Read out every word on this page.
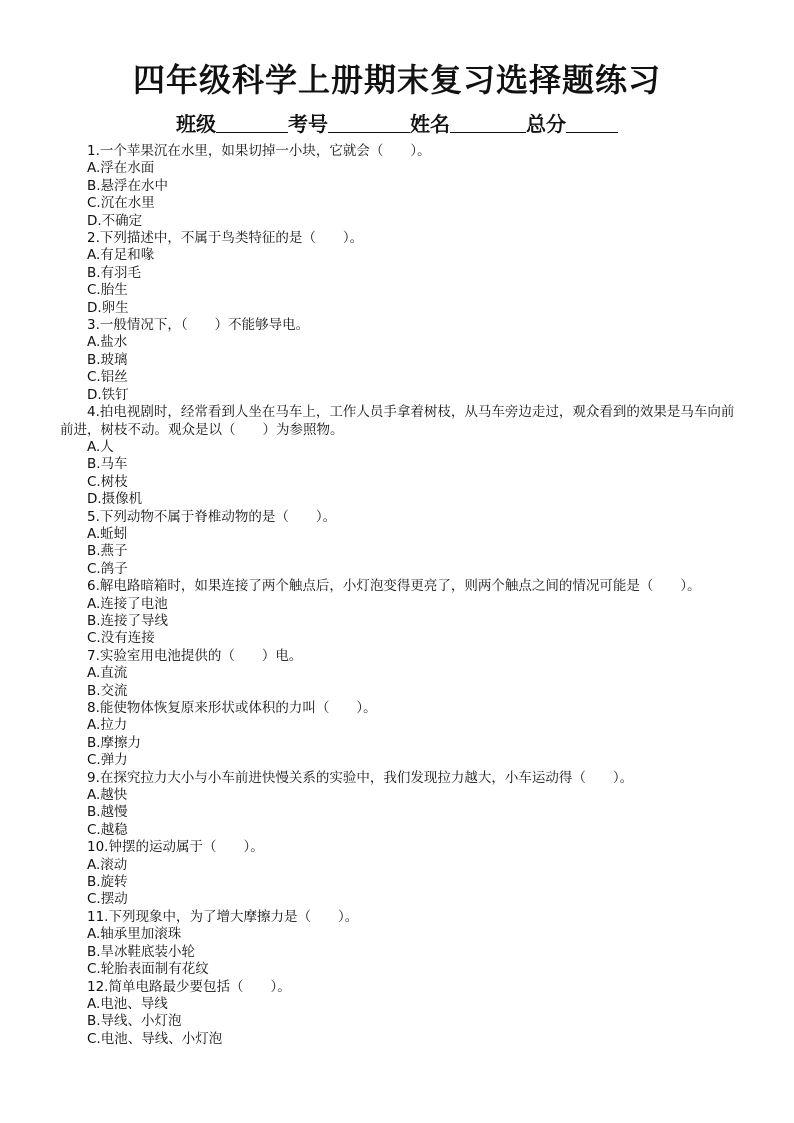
四年级科学上册期末复习选择题练习
班级	考号	姓名	总分

1.一个苹果沉在水里，如果切掉一小块，它就会（　　）。

A.浮在水面

B.悬浮在水中

C.沉在水里

D.不确定

2.下列描述中，不属于鸟类特征的是（　　）。

A.有足和喙

B.有羽毛

C.胎生

D.卵生

3.一般情况下，（　　）不能够导电。

A.盐水

B.玻璃

C.铝丝

D.铁钉

4.拍电视剧时，经常看到人坐在马车上，工作人员手拿着树枝，从马车旁边走过，观众看到的效果是马车向前前进，树枝不动。观众是以（　　）为参照物。

A.人

B.马车

C.树枝

D.摄像机

5.下列动物不属于脊椎动物的是（　　）。

A.蚯蚓

B.燕子

C.鸽子

6.解电路暗箱时，如果连接了两个触点后，小灯泡变得更亮了，则两个触点之间的情况可能是（　　）。

A.连接了电池

B.连接了导线

C.没有连接

7.实验室用电池提供的（　　）电。

A.直流

B.交流

8.能使物体恢复原来形状或体积的力叫（　　）。

A.拉力

B.摩擦力

C.弹力

9.在探究拉力大小与小车前进快慢关系的实验中，我们发现拉力越大，小车运动得（　　）。

A.越快

B.越慢

C.越稳

10.钟摆的运动属于（　　）。

A.滚动

B.旋转

C.摆动

11.下列现象中，为了增大摩擦力是（　　）。

A.轴承里加滚珠

B.旱冰鞋底装小轮

C.轮胎表面制有花纹

12.简单电路最少要包括（　　）。

A.电池、导线

B.导线、小灯泡

C.电池、导线、小灯泡
